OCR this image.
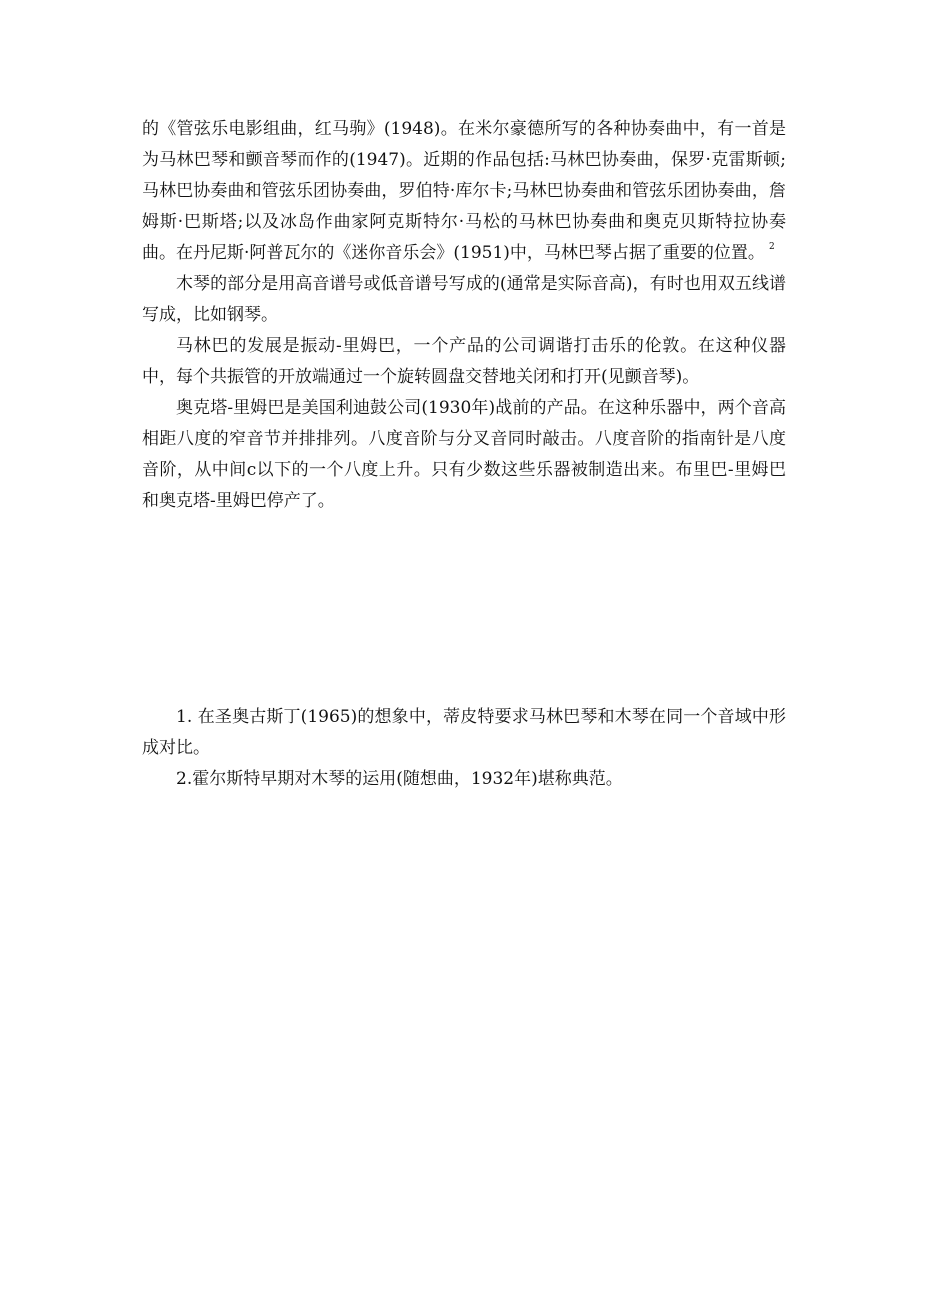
的《管弦乐电影组曲，红马驹》(1948)。在米尔豪德所写的各种协奏曲中，有一首是为马林巴琴和颤音琴而作的(1947)。近期的作品包括:马林巴协奏曲，保罗·克雷斯顿;马林巴协奏曲和管弦乐团协奏曲，罗伯特·库尔卡;马林巴协奏曲和管弦乐团协奏曲，詹姆斯·巴斯塔;以及冰岛作曲家阿克斯特尔·马松的马林巴协奏曲和奥克贝斯特拉协奏曲。在丹尼斯·阿普瓦尔的《迷你音乐会》(1951)中，马林巴琴占据了重要的位置。 $^2$

木琴的部分是用高音谱号或低音谱号写成的(通常是实际音高)，有时也用双五线谱写成，比如钢琴。

马林巴的发展是振动-里姆巴，一个产品的公司调谐打击乐的伦敦。在这种仪器中，每个共振管的开放端通过一个旋转圆盘交替地关闭和打开(见颤音琴)。

奥克塔-里姆巴是美国利迪鼓公司(1930年)战前的产品。在这种乐器中，两个音高相距八度的窄音节并排排列。八度音阶与分叉音同时敲击。八度音阶的指南针是八度音阶，从中间c以下的一个八度上升。只有少数这些乐器被制造出来。布里巴-里姆巴和奥克塔-里姆巴停产了。

1. 在圣奥古斯丁(1965)的想象中，蒂皮特要求马林巴琴和木琴在同一个音域中形成对比。

2.霍尔斯特早期对木琴的运用(随想曲，1932年)堪称典范。
